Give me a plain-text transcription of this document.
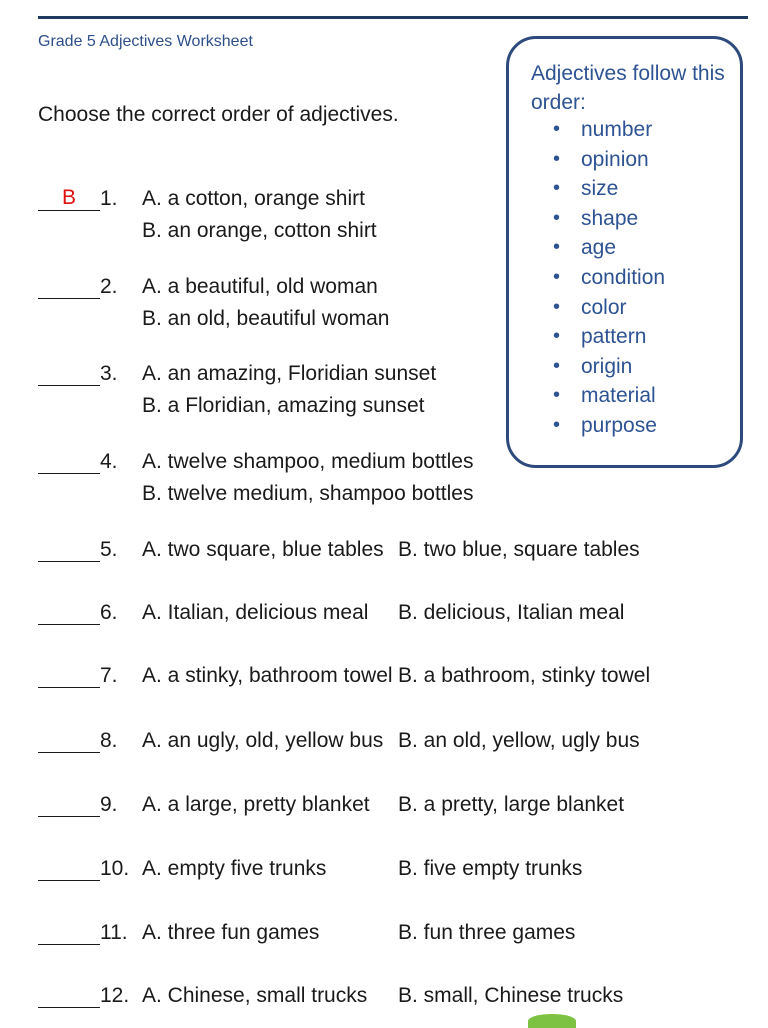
Grade 5 Adjectives Worksheet
Choose the correct order of adjectives.
Adjectives follow this order:
• number
• opinion
• size
• shape
• age
• condition
• color
• pattern
• origin
• material
• purpose
B	1. A. a cotton, orange shirt
B. an orange, cotton shirt
2. A. a beautiful, old woman
B. an old, beautiful woman
3. A. an amazing, Floridian sunset
B. a Floridian, amazing sunset
4. A. twelve shampoo, medium bottles
B. twelve medium, shampoo bottles
5. A. two square, blue tables B. two blue, square tables
6. A. Italian, delicious meal B. delicious, Italian meal
7. A. a stinky, bathroom towel B. a bathroom, stinky towel
8. A. an ugly, old, yellow bus B. an old, yellow, ugly bus
9. A. a large, pretty blanket B. a pretty, large blanket
10. A. empty five trunks	B. five empty trunks
11. A. three fun games	B. fun three games
12. A. Chinese, small trucks B. small, Chinese trucks
